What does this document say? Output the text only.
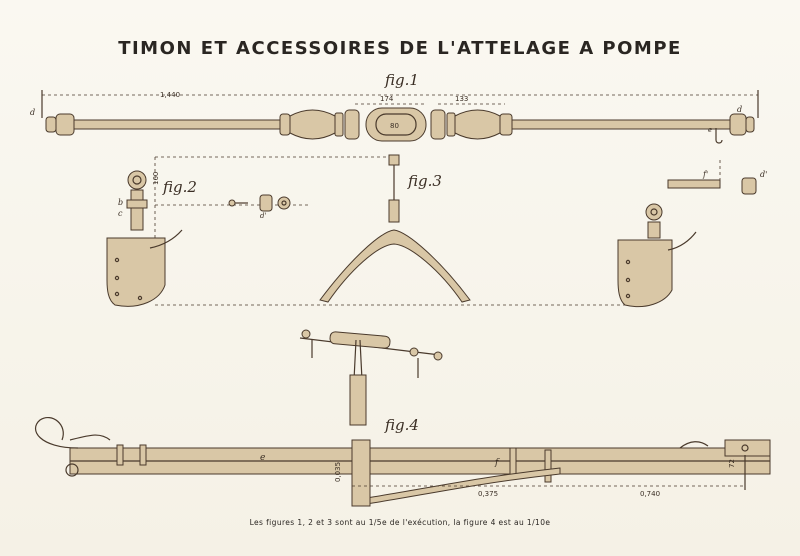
TIMON ET ACCESSOIRES DE L'ATTELAGE A POMPE
1,440
d	d
80
174	133
fig.1
e
160
b
c
fig.2
d'
fig.3	f'	d'
fig.4
e	f
0,035
0,375	0,740
72
Les figures 1, 2 et 3 sont au 1/5e de l'exécution, la figure 4 est au 1/10e
